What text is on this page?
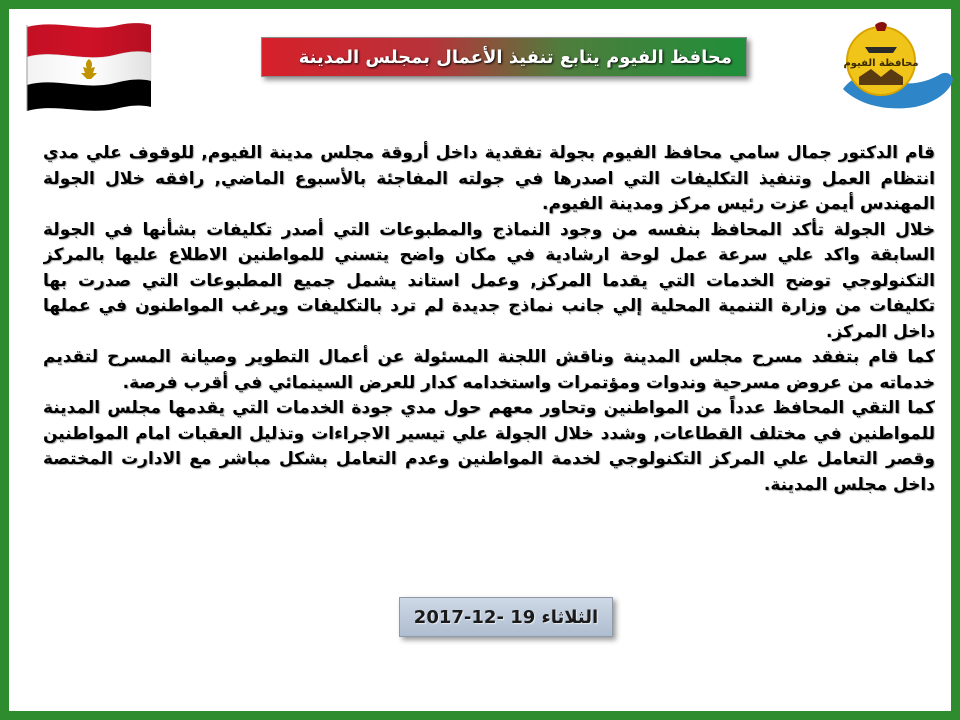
محافظة الفيوم
محافظ الفيوم يتابع تنفيذ الأعمال بمجلس المدينة

قام الدكتور جمال سامي محافظ الفيوم بجولة تفقدية داخل أروقة مجلس مدينة الفيوم, للوقوف علي مدي انتظام العمل وتنفيذ التكليفات التي اصدرها في جولته المفاجئة بالأسبوع الماضي, رافقه خلال الجولة المهندس أيمن عزت رئيس مركز ومدينة الفيوم.

خلال الجولة تأكد المحافظ بنفسه من وجود النماذج والمطبوعات التي أصدر تكليفات بشأنها في الجولة السابقة واكد علي سرعة عمل لوحة ارشادية في مكان واضح يتسني للمواطنين الاطلاع عليها بالمركز التكنولوجي توضح الخدمات التي يقدما المركز, وعمل استاند يشمل جميع المطبوعات التي صدرت بها تكليفات من وزارة التنمية المحلية إلي جانب نماذج جديدة لم ترد بالتكليفات ويرغب المواطنون في عملها داخل المركز.

كما قام بتفقد مسرح مجلس المدينة وناقش اللجنة المسئولة عن أعمال التطوير وصيانة المسرح لتقديم خدماته من عروض مسرحية وندوات ومؤتمرات واستخدامه كدار للعرض السينمائي في أقرب فرصة.

كما التقي المحافظ عدداً من المواطنين وتحاور معهم حول مدي جودة الخدمات التي يقدمها مجلس المدينة للمواطنين في مختلف القطاعات, وشدد خلال الجولة علي تيسير الاجراءات وتذليل العقبات امام المواطنين وقصر التعامل علي المركز التكنولوجي لخدمة المواطنين وعدم التعامل بشكل مباشر مع الادارت المختصة داخل مجلس المدينة.

الثلاثاء 19 -12-2017
